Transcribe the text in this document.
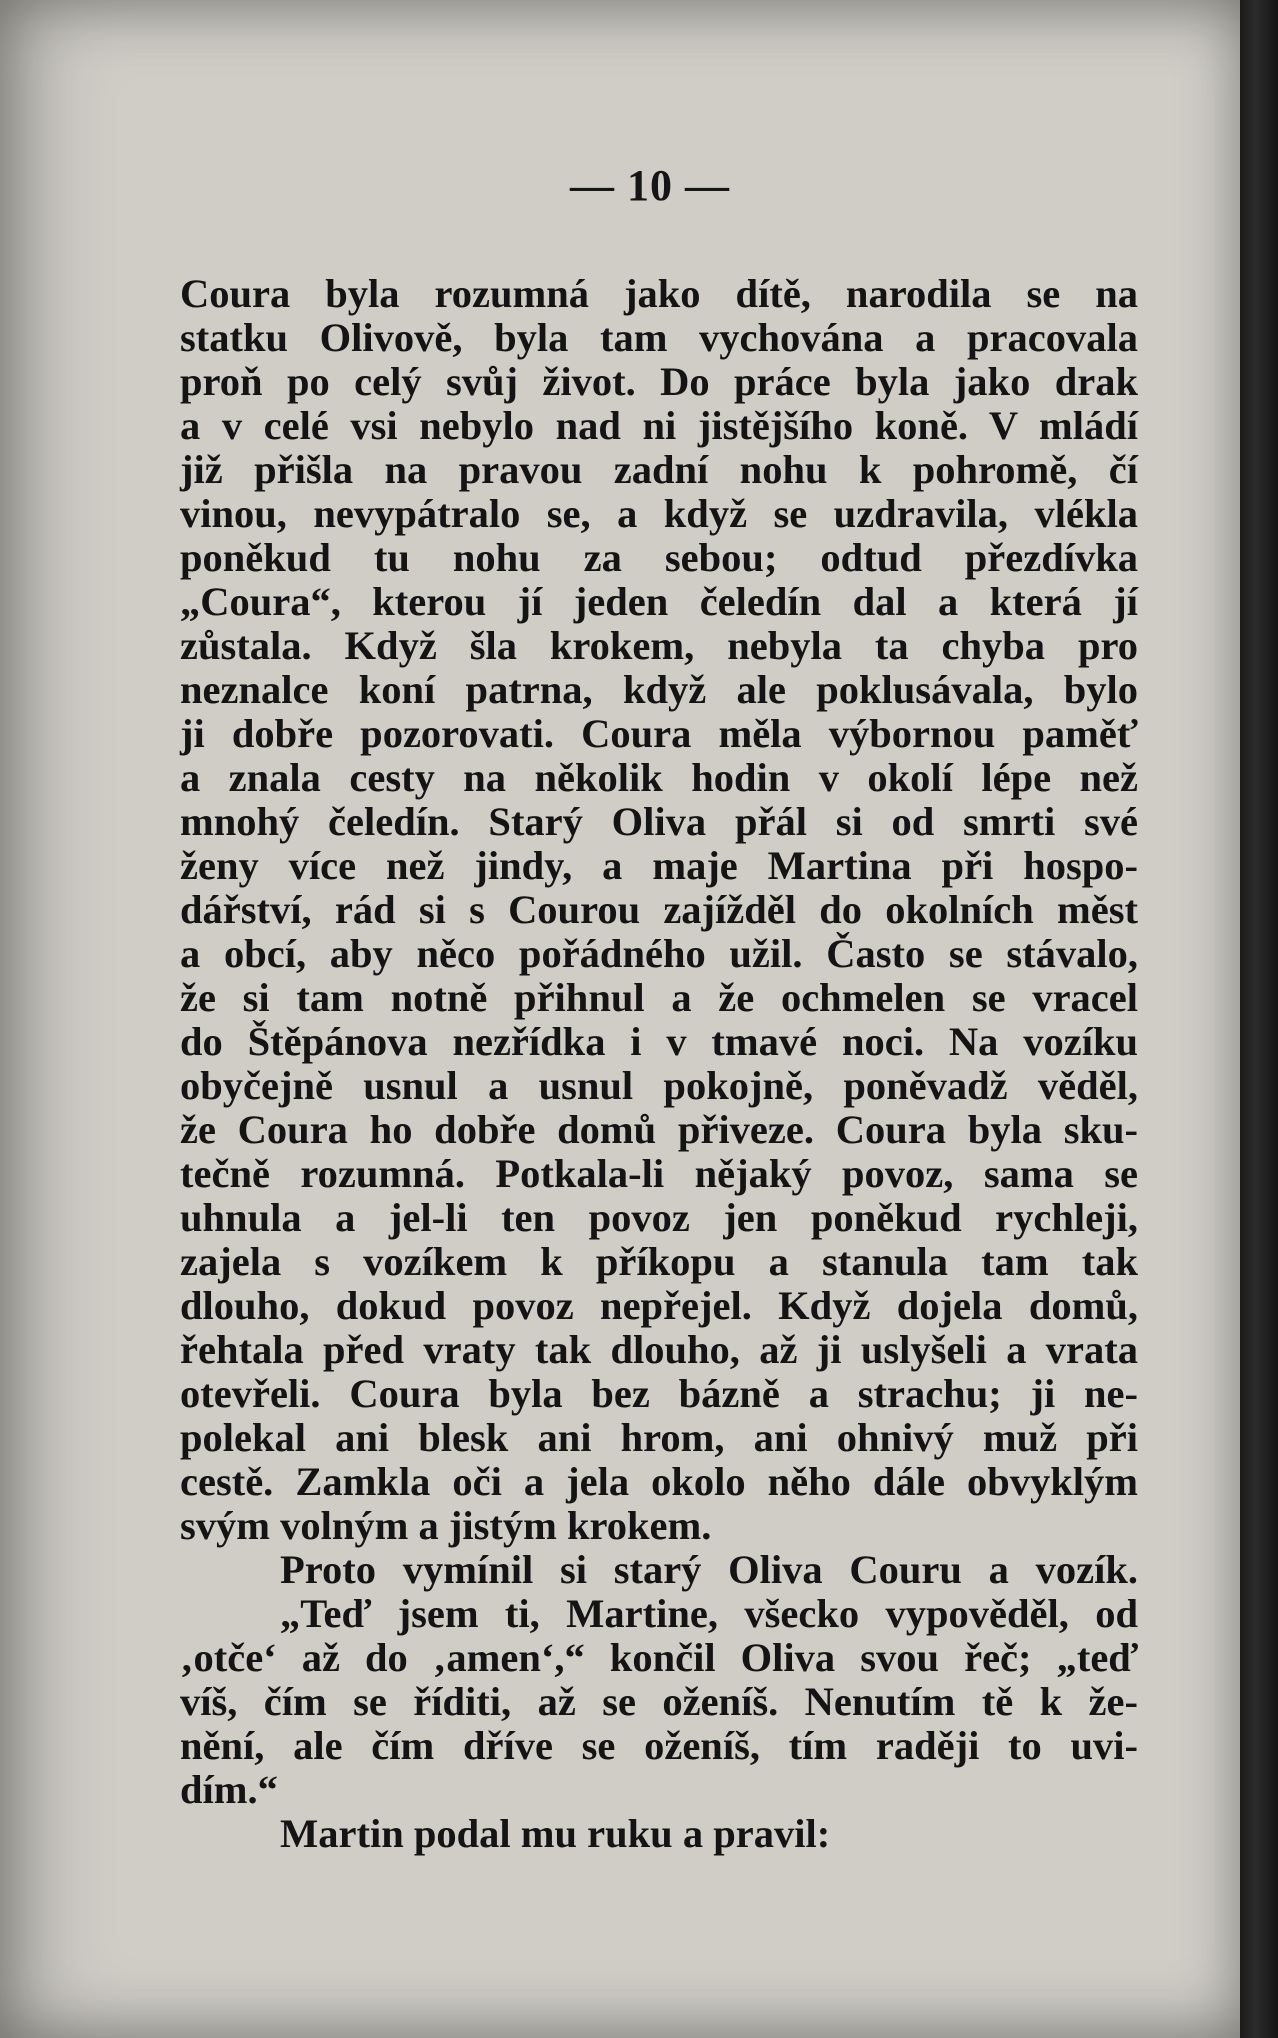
— 10 —
Coura byla rozumná jako dítě, narodila se na
statku Olivově, byla tam vychována a pracovala
proň po celý svůj život. Do práce byla jako drak
a v celé vsi nebylo nad ni jistějšího koně. V mládí
již přišla na pravou zadní nohu k pohromě, čí
vinou, nevypátralo se, a když se uzdravila, vlékla
poněkud tu nohu za sebou; odtud přezdívka
„Coura“, kterou jí jeden čeledín dal a která jí
zůstala. Když šla krokem, nebyla ta chyba pro
neznalce koní patrna, když ale poklusávala, bylo
ji dobře pozorovati. Coura měla výbornou paměť
a znala cesty na několik hodin v okolí lépe než
mnohý čeledín. Starý Oliva přál si od smrti své
ženy více než jindy, a maje Martina při hospo-
dářství, rád si s Courou zajížděl do okolních měst
a obcí, aby něco pořádného užil. Často se stávalo,
že si tam notně přihnul a že ochmelen se vracel
do Štěpánova nezřídka i v tmavé noci. Na vozíku
obyčejně usnul a usnul pokojně, poněvadž věděl,
že Coura ho dobře domů přiveze. Coura byla sku-
tečně rozumná. Potkala-li nějaký povoz, sama se
uhnula a jel-li ten povoz jen poněkud rychleji,
zajela s vozíkem k příkopu a stanula tam tak
dlouho, dokud povoz nepřejel. Když dojela domů,
řehtala před vraty tak dlouho, až ji uslyšeli a vrata
otevřeli. Coura byla bez bázně a strachu; ji ne-
polekal ani blesk ani hrom, ani ohnivý muž při
cestě. Zamkla oči a jela okolo něho dále obvyklým
svým volným a jistým krokem.
Proto vymínil si starý Oliva Couru a vozík.
„Teď jsem ti, Martine, všecko vypověděl, od
‚otče‘ až do ‚amen‘,“ končil Oliva svou řeč; „teď
víš, čím se říditi, až se oženíš. Nenutím tě k že-
nění, ale čím dříve se oženíš, tím raději to uvi-
dím.“
Martin podal mu ruku a pravil:
